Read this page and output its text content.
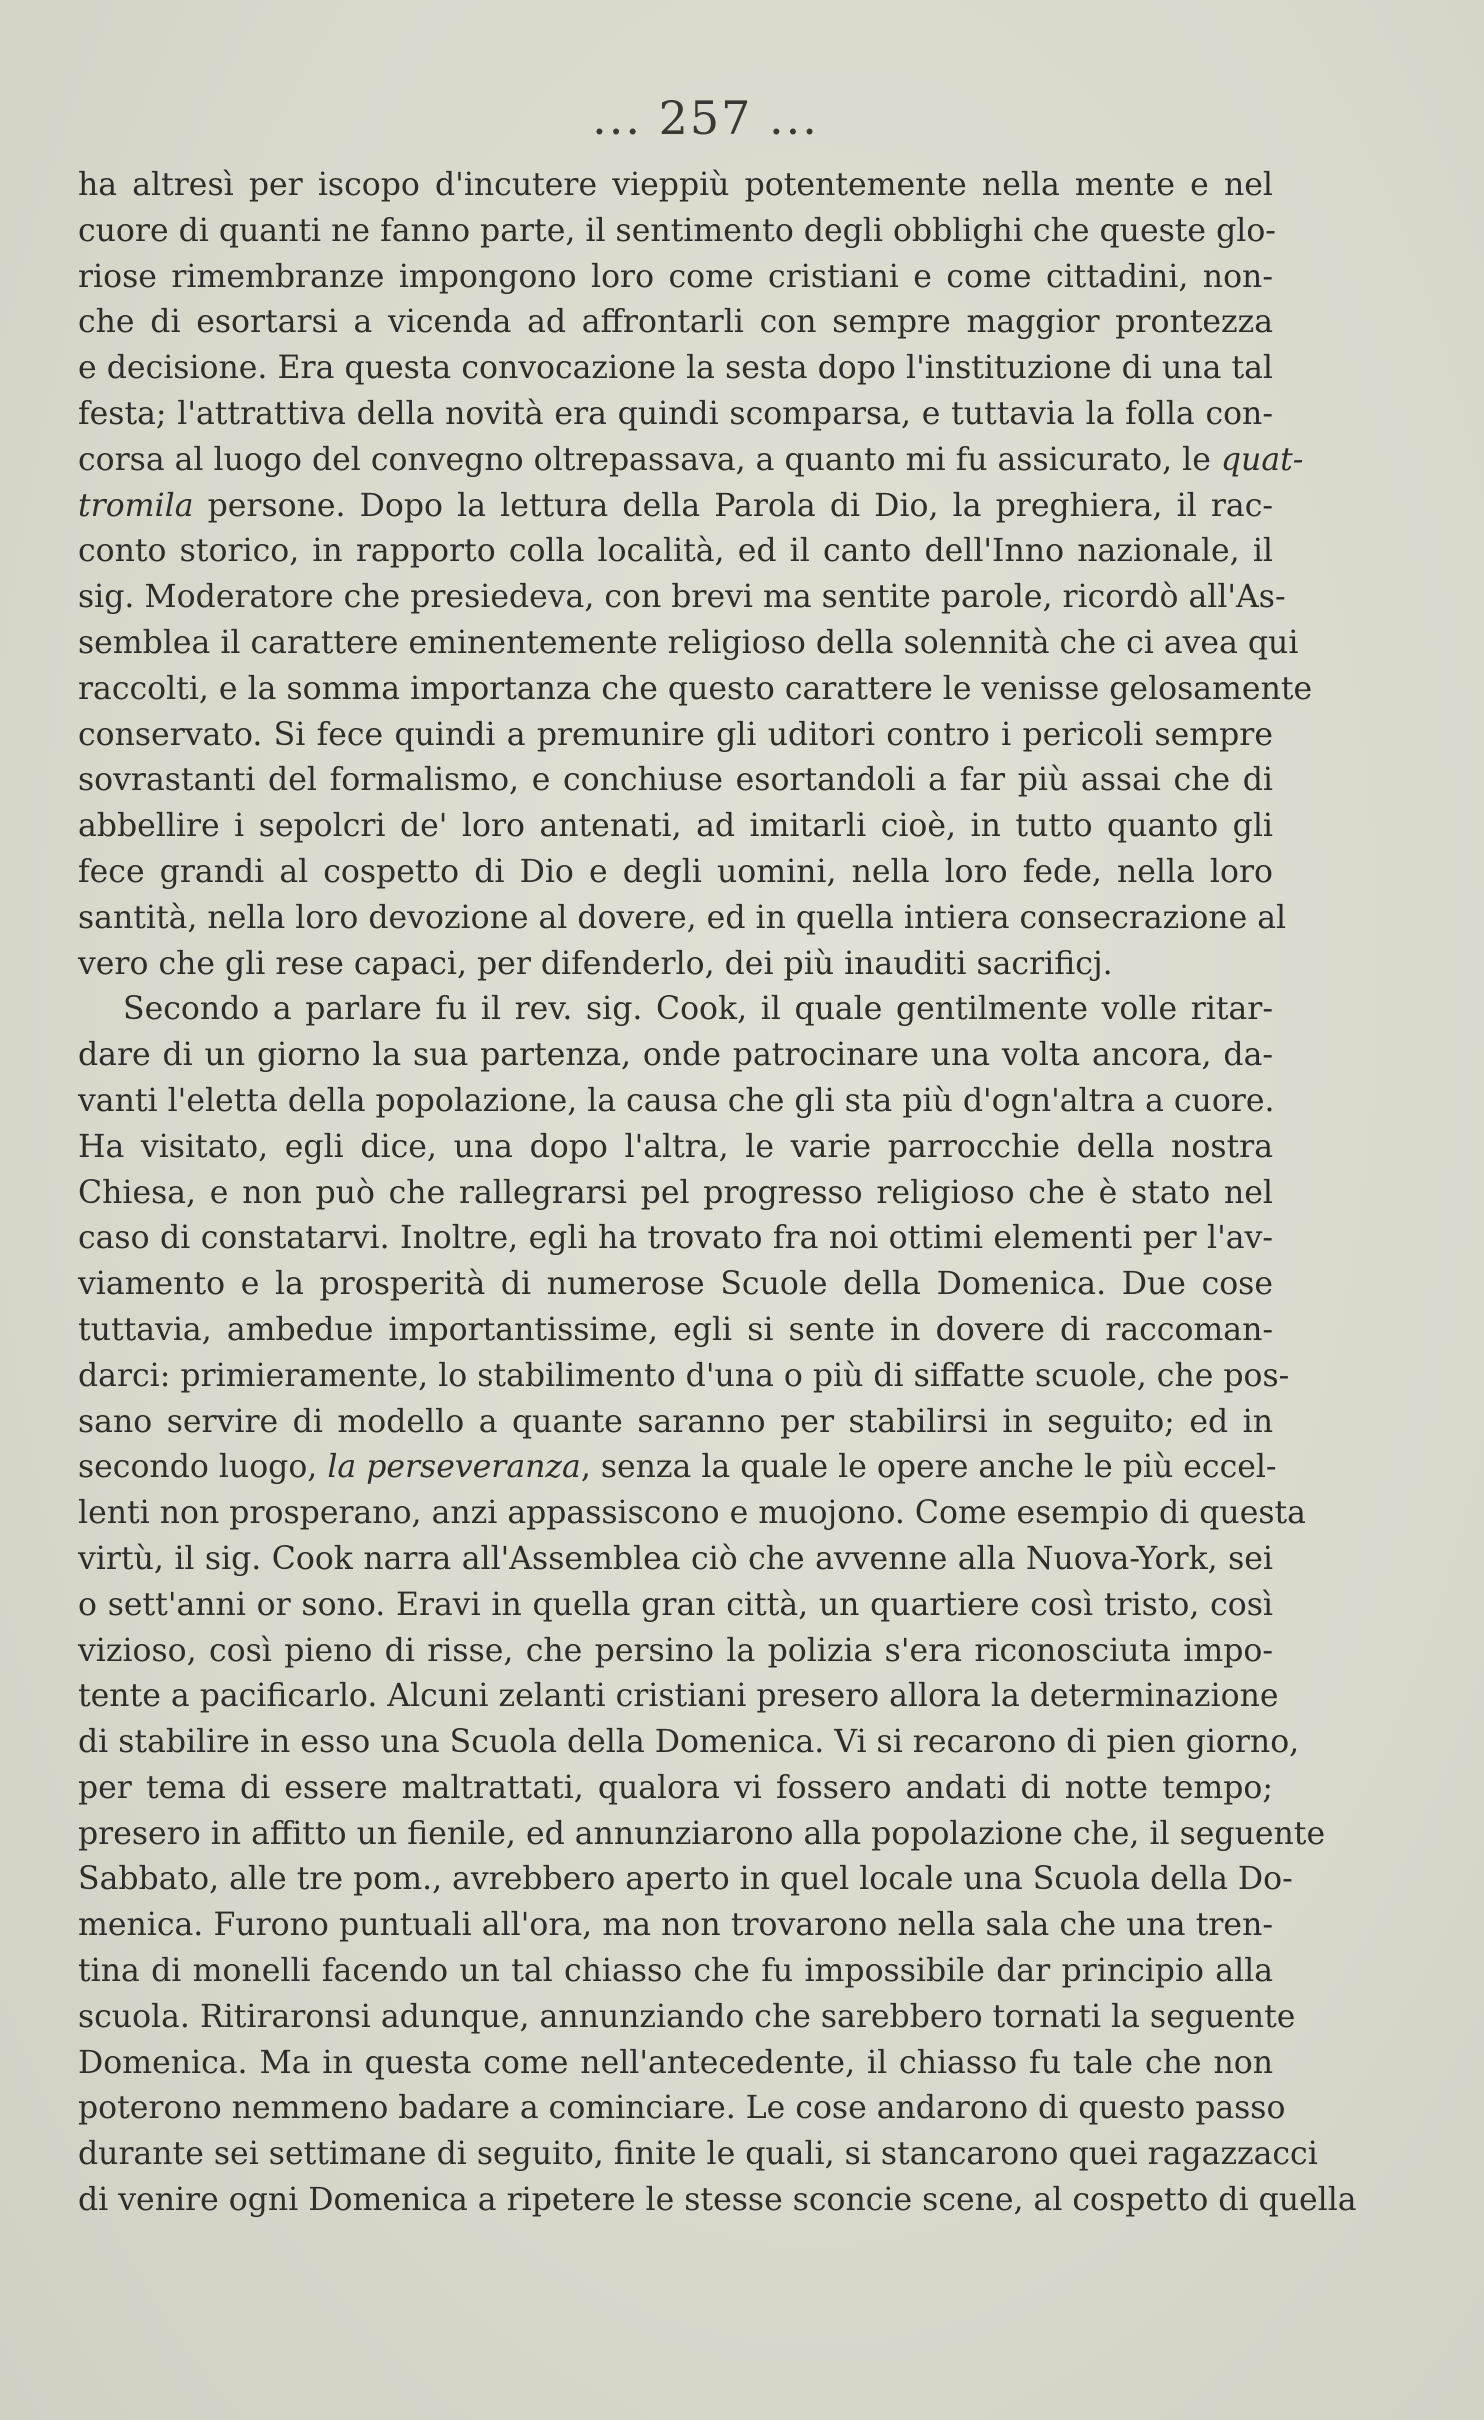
... 257 ...
ha altresì per iscopo d'incutere vieppiù potentemente nella mente e nel
cuore di quanti ne fanno parte, il sentimento degli obblighi che queste glo-
riose rimembranze impongono loro come cristiani e come cittadini, non-
che di esortarsi a vicenda ad affrontarli con sempre maggior prontezza
e decisione. Era questa convocazione la sesta dopo l'instituzione di una tal
festa; l'attrattiva della novità era quindi scomparsa, e tuttavia la folla con-
corsa al luogo del convegno oltrepassava, a quanto mi fu assicurato, le quat-
tromila persone. Dopo la lettura della Parola di Dio, la preghiera, il rac-
conto storico, in rapporto colla località, ed il canto dell'Inno nazionale, il
sig. Moderatore che presiedeva, con brevi ma sentite parole, ricordò all'As-
semblea il carattere eminentemente religioso della solennità che ci avea qui
raccolti, e la somma importanza che questo carattere le venisse gelosamente
conservato. Si fece quindi a premunire gli uditori contro i pericoli sempre
sovrastanti del formalismo, e conchiuse esortandoli a far più assai che di
abbellire i sepolcri de' loro antenati, ad imitarli cioè, in tutto quanto gli
fece grandi al cospetto di Dio e degli uomini, nella loro fede, nella loro
santità, nella loro devozione al dovere, ed in quella intiera consecrazione al
vero che gli rese capaci, per difenderlo, dei più inauditi sacrificj.
Secondo a parlare fu il rev. sig. Cook, il quale gentilmente volle ritar-
dare di un giorno la sua partenza, onde patrocinare una volta ancora, da-
vanti l'eletta della popolazione, la causa che gli sta più d'ogn'altra a cuore.
Ha visitato, egli dice, una dopo l'altra, le varie parrocchie della nostra
Chiesa, e non può che rallegrarsi pel progresso religioso che è stato nel
caso di constatarvi. Inoltre, egli ha trovato fra noi ottimi elementi per l'av-
viamento e la prosperità di numerose Scuole della Domenica. Due cose
tuttavia, ambedue importantissime, egli si sente in dovere di raccoman-
darci: primieramente, lo stabilimento d'una o più di siffatte scuole, che pos-
sano servire di modello a quante saranno per stabilirsi in seguito; ed in
secondo luogo, la perseveranza, senza la quale le opere anche le più eccel-
lenti non prosperano, anzi appassiscono e muojono. Come esempio di questa
virtù, il sig. Cook narra all'Assemblea ciò che avvenne alla Nuova-York, sei
o sett'anni or sono. Eravi in quella gran città, un quartiere così tristo, così
vizioso, così pieno di risse, che persino la polizia s'era riconosciuta impo-
tente a pacificarlo. Alcuni zelanti cristiani presero allora la determinazione
di stabilire in esso una Scuola della Domenica. Vi si recarono di pien giorno,
per tema di essere maltrattati, qualora vi fossero andati di notte tempo;
presero in affitto un fienile, ed annunziarono alla popolazione che, il seguente
Sabbato, alle tre pom., avrebbero aperto in quel locale una Scuola della Do-
menica. Furono puntuali all'ora, ma non trovarono nella sala che una tren-
tina di monelli facendo un tal chiasso che fu impossibile dar principio alla
scuola. Ritiraronsi adunque, annunziando che sarebbero tornati la seguente
Domenica. Ma in questa come nell'antecedente, il chiasso fu tale che non
poterono nemmeno badare a cominciare. Le cose andarono di questo passo
durante sei settimane di seguito, finite le quali, si stancarono quei ragazzacci
di venire ogni Domenica a ripetere le stesse sconcie scene, al cospetto di quella
